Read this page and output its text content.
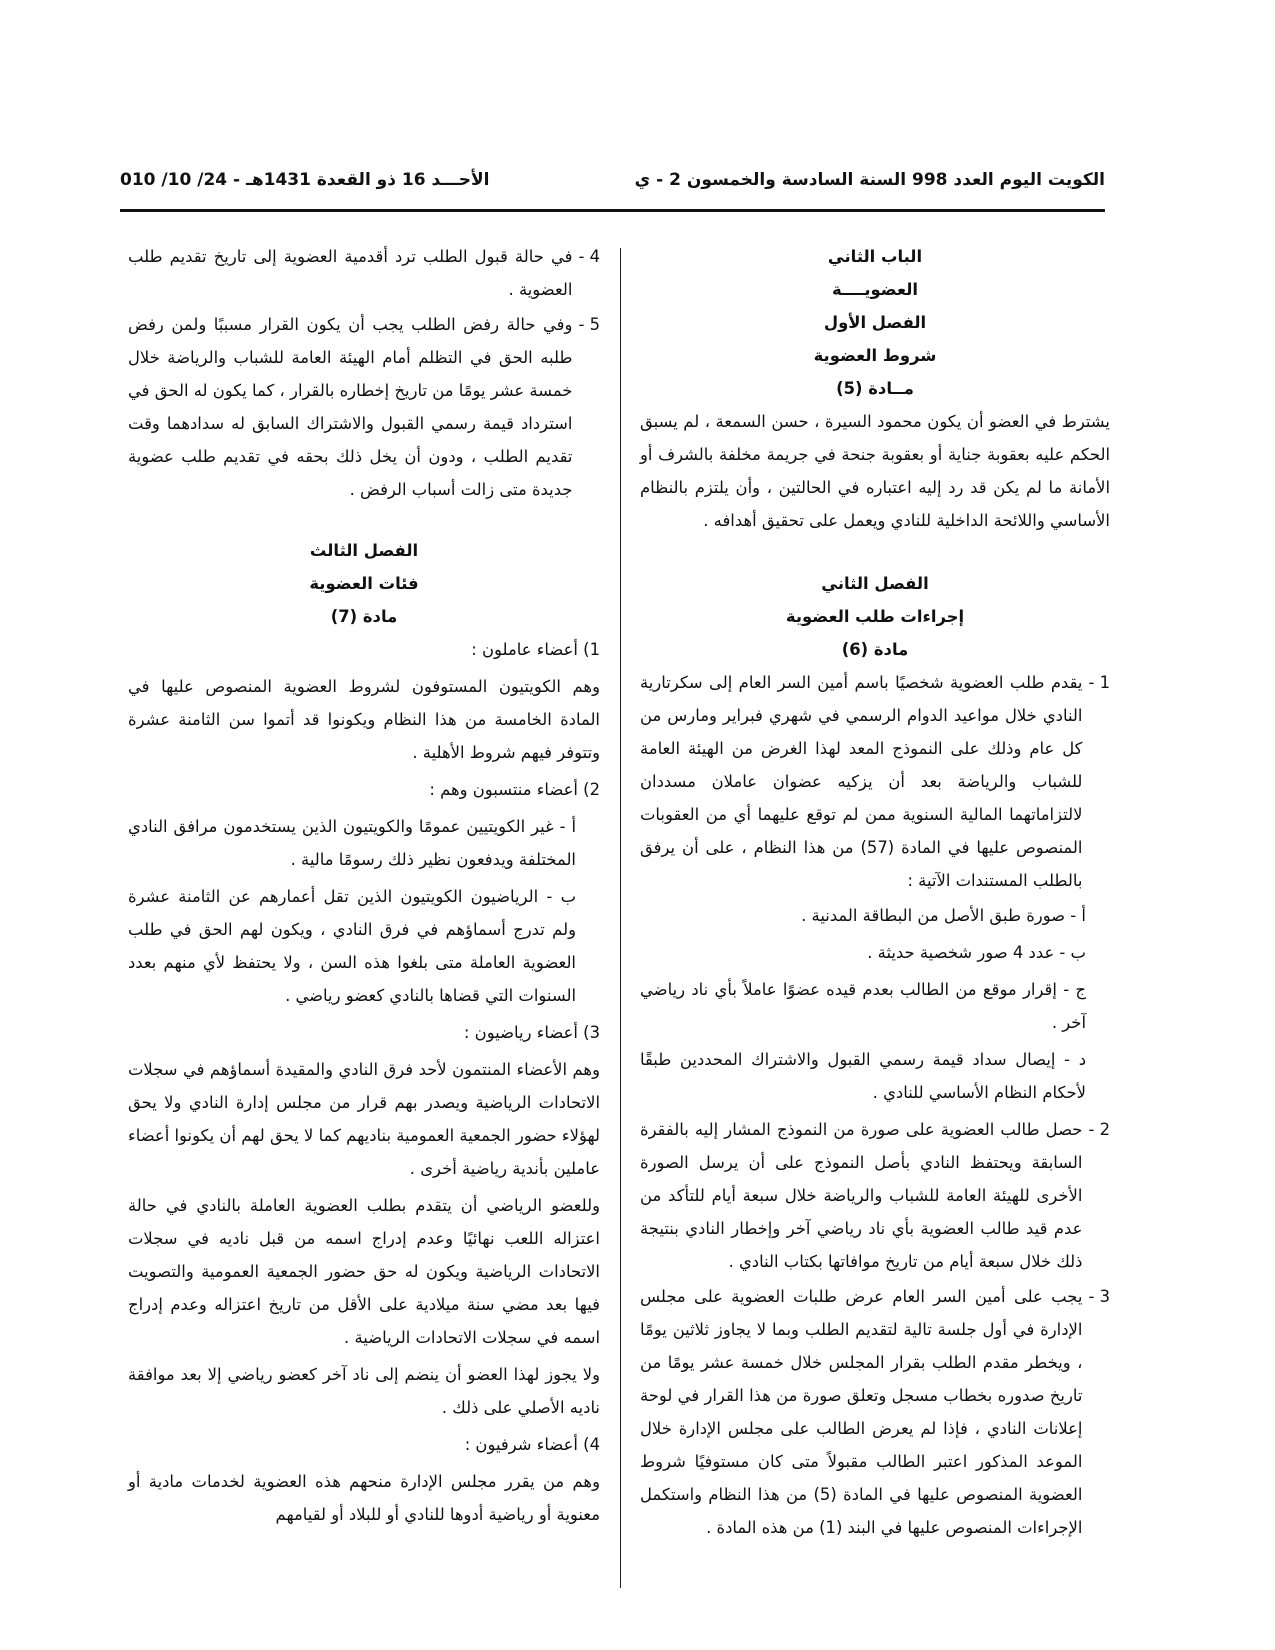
الكويت اليوم العدد 998 السنة السادسة والخمسون 2 - ي
الأحـــد 16 ذو القعدة 1431هـ - 24/ 10/ 010
الباب الثاني
العضويــــة
الفصل الأول
شروط العضوية
مــادة (5)

يشترط في العضو أن يكون محمود السيرة ، حسن السمعة ، لم يسبق الحكم عليه بعقوبة جناية أو بعقوبة جنحة في جريمة مخلفة بالشرف أو الأمانة ما لم يكن قد رد إليه اعتباره في الحالتين ، وأن يلتزم بالنظام الأساسي واللائحة الداخلية للنادي ويعمل على تحقيق أهدافه .

الفصل الثاني
إجراءات طلب العضوية
مادة (6)
1 -
يقدم طلب العضوية شخصيًا باسم أمين السر العام إلى سكرتارية النادي خلال مواعيد الدوام الرسمي في شهري فبراير ومارس من كل عام وذلك على النموذج المعد لهذا الغرض من الهيئة العامة للشباب والرياضة بعد أن يزكيه عضوان عاملان مسددان لالتزاماتهما المالية السنوية ممن لم توقع عليهما أي من العقوبات المنصوص عليها في المادة (57) من هذا النظام ، على أن يرفق بالطلب المستندات الآتية :

أ - صورة طبق الأصل من البطاقة المدنية .

ب - عدد 4 صور شخصية حديثة .

ج - إقرار موقع من الطالب بعدم قيده عضوًا عاملاً بأي ناد رياضي آخر .

د - إيصال سداد قيمة رسمي القبول والاشتراك المحددين طبقًا لأحكام النظام الأساسي للنادي .

2 -
حصل طالب العضوية على صورة من النموذج المشار إليه بالفقرة السابقة ويحتفظ النادي بأصل النموذج على أن يرسل الصورة الأخرى للهيئة العامة للشباب والرياضة خلال سبعة أيام للتأكد من عدم قيد طالب العضوية بأي ناد رياضي آخر وإخطار النادي بنتيجة ذلك خلال سبعة أيام من تاريخ موافاتها بكتاب النادي .
3 -
يجب على أمين السر العام عرض طلبات العضوية على مجلس الإدارة في أول جلسة تالية لتقديم الطلب وبما لا يجاوز ثلاثين يومًا ، ويخطر مقدم الطلب بقرار المجلس خلال خمسة عشر يومًا من تاريخ صدوره بخطاب مسجل وتعلق صورة من هذا القرار في لوحة إعلانات النادي ، فإذا لم يعرض الطالب على مجلس الإدارة خلال الموعد المذكور اعتبر الطالب مقبولاً متى كان مستوفيًا شروط العضوية المنصوص عليها في المادة (5) من هذا النظام واستكمل الإجراءات المنصوص عليها في البند (1) من هذه المادة .
4 -
في حالة قبول الطلب ترد أقدمية العضوية إلى تاريخ تقديم طلب العضوية .
5 -
وفي حالة رفض الطلب يجب أن يكون القرار مسببًا ولمن رفض طلبه الحق في التظلم أمام الهيئة العامة للشباب والرياضة خلال خمسة عشر يومًا من تاريخ إخطاره بالقرار ، كما يكون له الحق في استرداد قيمة رسمي القبول والاشتراك السابق له سدادهما وقت تقديم الطلب ، ودون أن يخل ذلك بحقه في تقديم طلب عضوية جديدة متى زالت أسباب الرفض .
الفصل الثالث
فئات العضوية
مادة (7)

1) أعضاء عاملون :

وهم الكويتيون المستوفون لشروط العضوية المنصوص عليها في المادة الخامسة من هذا النظام ويكونوا قد أتموا سن الثامنة عشرة وتتوفر فيهم شروط الأهلية .

2) أعضاء منتسبون وهم :

أ - غير الكويتيين عمومًا والكويتيون الذين يستخدمون مرافق النادي المختلفة ويدفعون نظير ذلك رسومًا مالية .

ب - الرياضيون الكويتيون الذين تقل أعمارهم عن الثامنة عشرة ولم تدرج أسماؤهم في فرق النادي ، ويكون لهم الحق في طلب العضوية العاملة متى بلغوا هذه السن ، ولا يحتفظ لأي منهم بعدد السنوات التي قضاها بالنادي كعضو رياضي .

3) أعضاء رياضيون :

وهم الأعضاء المنتمون لأحد فرق النادي والمقيدة أسماؤهم في سجلات الاتحادات الرياضية ويصدر بهم قرار من مجلس إدارة النادي ولا يحق لهؤلاء حضور الجمعية العمومية بناديهم كما لا يحق لهم أن يكونوا أعضاء عاملين بأندية رياضية أخرى .

وللعضو الرياضي أن يتقدم بطلب العضوية العاملة بالنادي في حالة اعتزاله اللعب نهائيًا وعدم إدراج اسمه من قبل ناديه في سجلات الاتحادات الرياضية ويكون له حق حضور الجمعية العمومية والتصويت فيها بعد مضي سنة ميلادية على الأقل من تاريخ اعتزاله وعدم إدراج اسمه في سجلات الاتحادات الرياضية .

ولا يجوز لهذا العضو أن ينضم إلى ناد آخر كعضو رياضي إلا بعد موافقة ناديه الأصلي على ذلك .

4) أعضاء شرفيون :

وهم من يقرر مجلس الإدارة منحهم هذه العضوية لخدمات مادية أو معنوية أو رياضية أدوها للنادي أو للبلاد أو لقيامهم
